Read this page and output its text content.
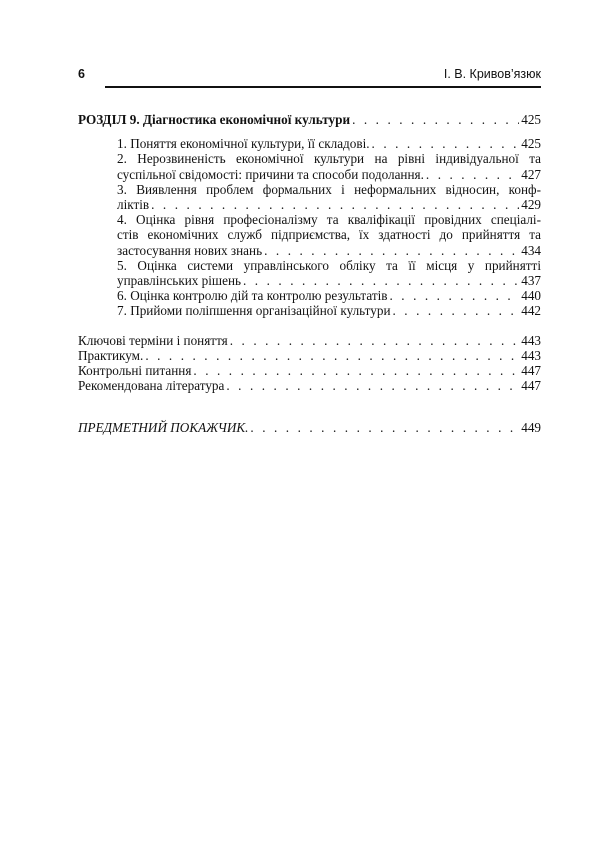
6	І. В. Кривов’язюк
РОЗДІЛ 9. Діагностика економічної культури . . .	425
1. Поняття економічної культури, її складові. . . .	425
2. Нерозвиненість економічної культури на рівні індивідуальної та
суспільної свідомості: причини та способи подолання. . . .	427
3. Виявлення проблем формальних і неформальних відносин, конф-
ліктів . . .	429
4. Оцінка рівня професіоналізму та кваліфікації провідних спеціалі-
стів економічних служб підприємства, їх здатності до прийняття та
застосування нових знань . . .	434
5. Оцінка системи управлінського обліку та її місця у прийнятті
управлінських рішень . . .	437
6. Оцінка контролю дій та контролю результатів . . .	440
7. Прийоми поліпшення організаційної культури . . .	442
Ключові терміни і поняття . . .	443
Практикум. . . .	443
Контрольні питання . . .	447
Рекомендована література . . .	447
ПРЕДМЕТНИЙ ПОКАЖЧИК. . . .	449
